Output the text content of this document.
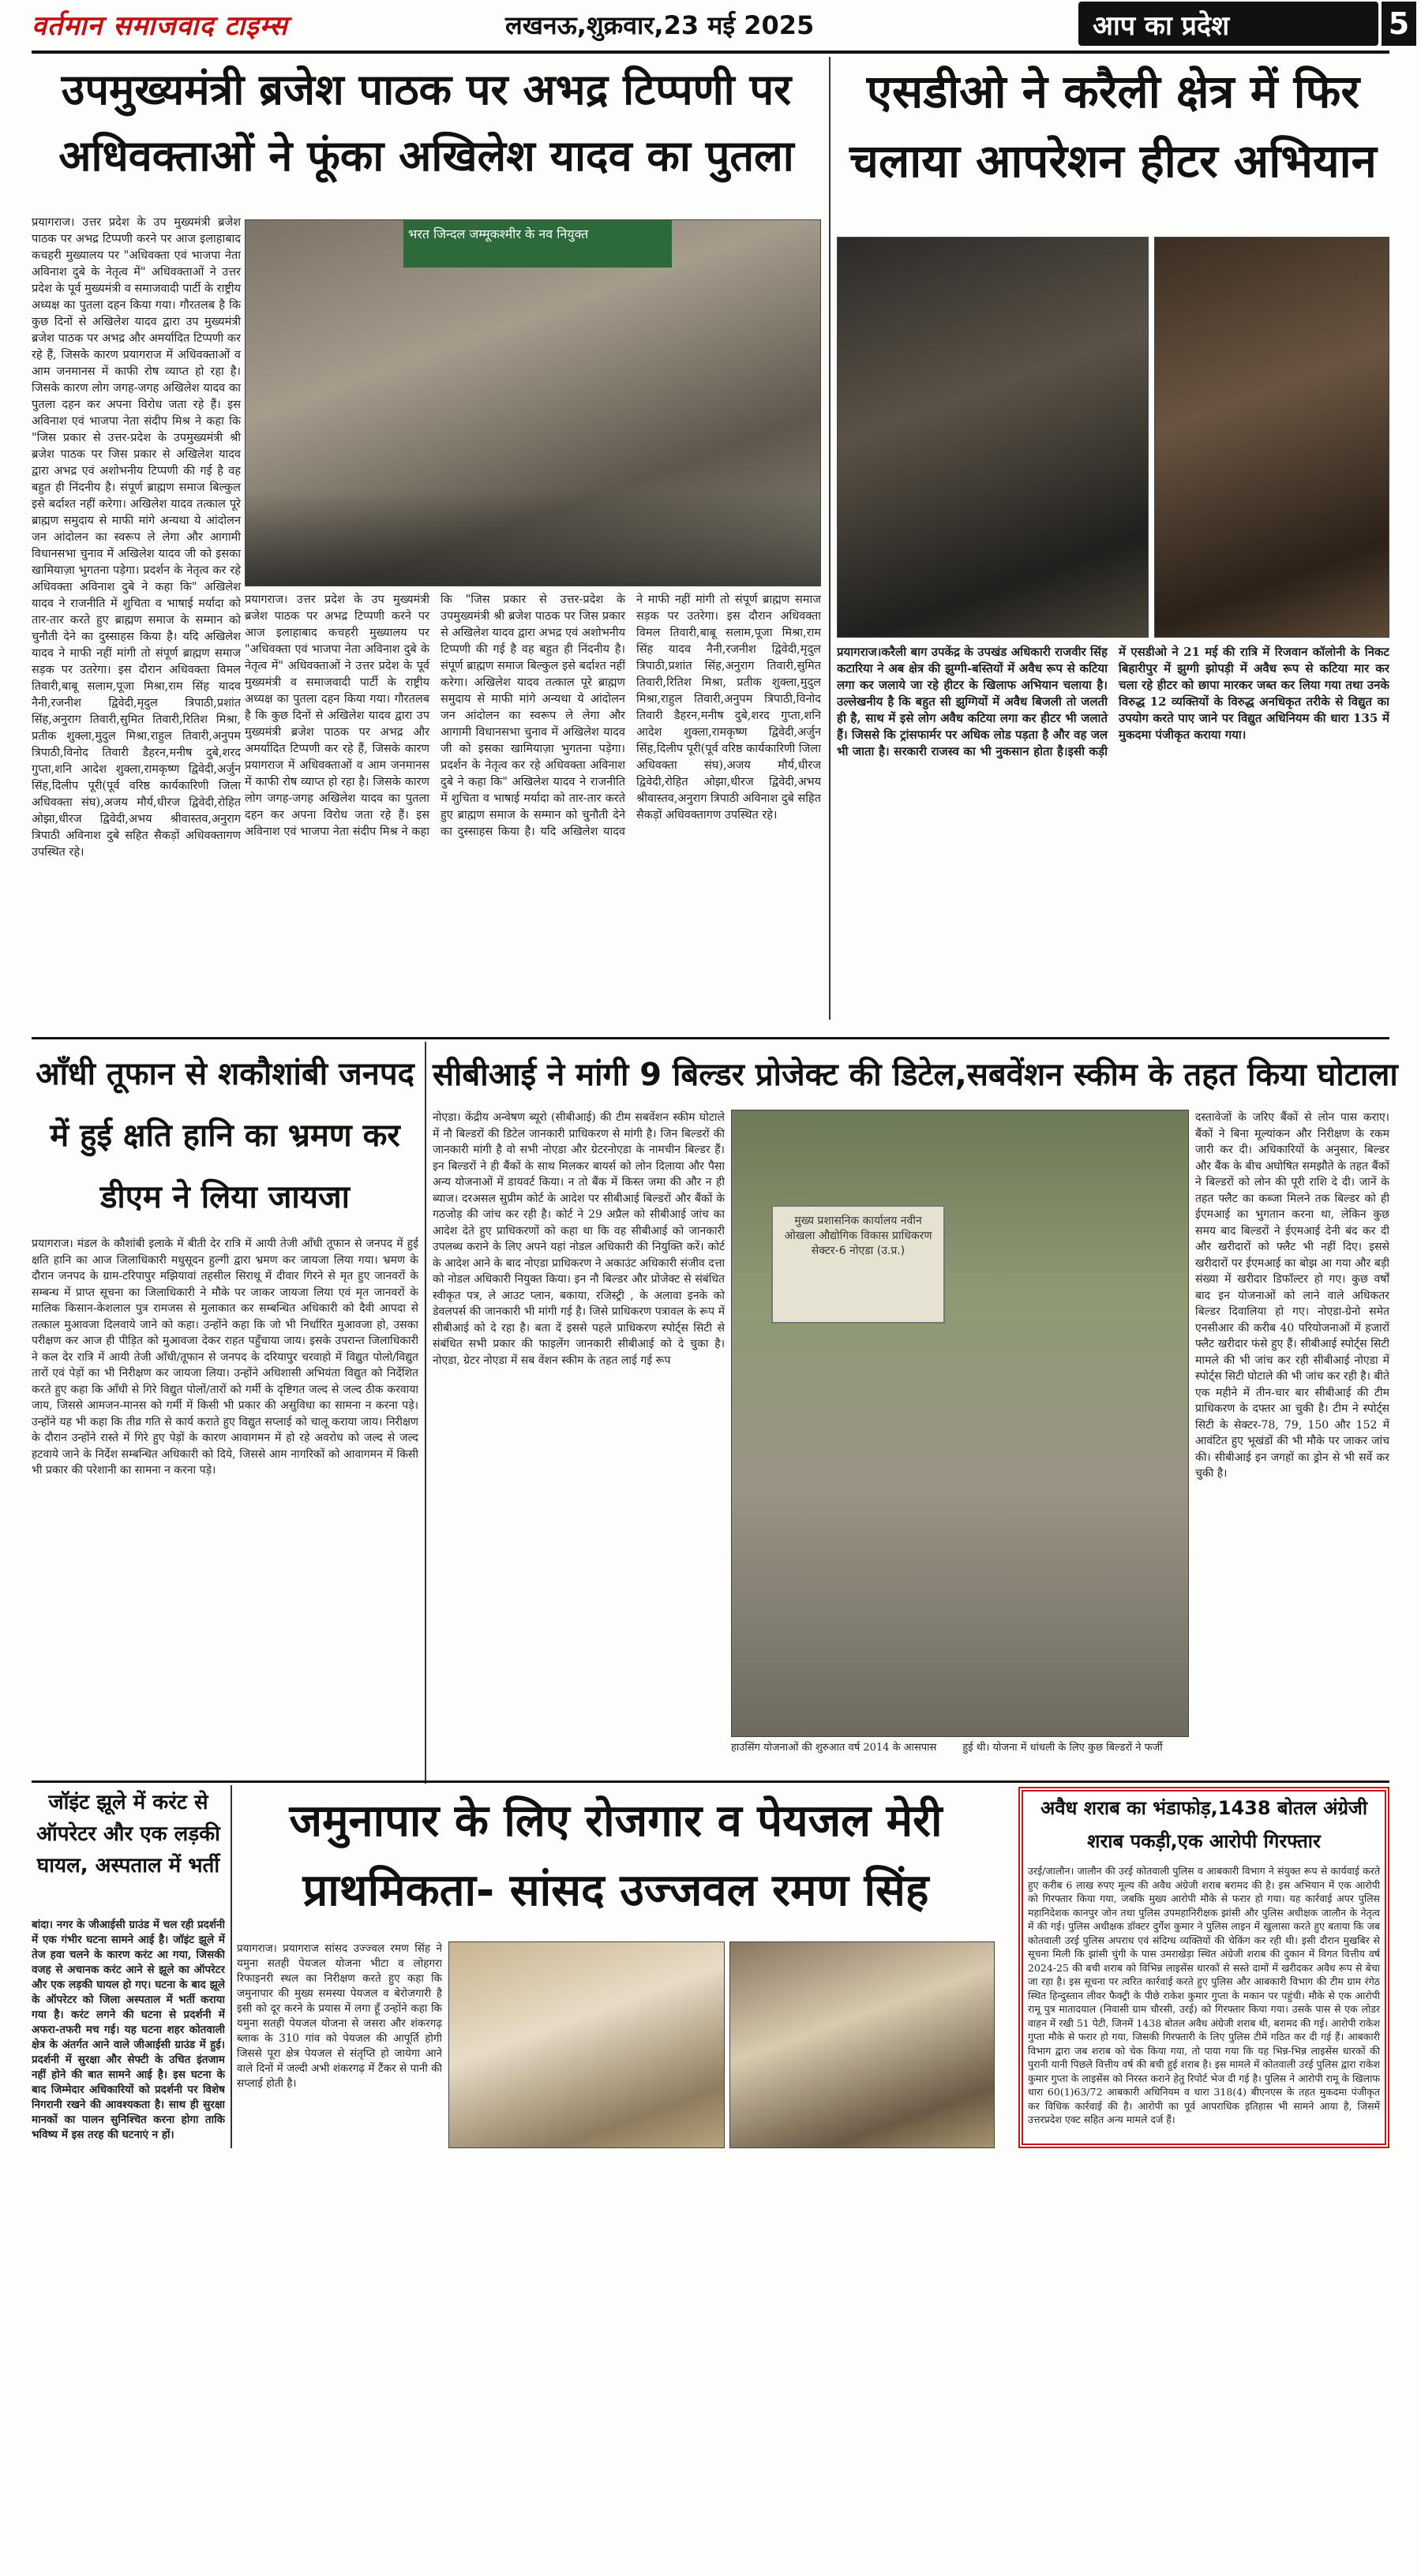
वर्तमान समाजवाद टाइम्स	लखनऊ,शुक्रवार,23 मई 2025	आप का प्रदेश	5
उपमुख्यमंत्री ब्रजेश पाठक पर अभद्र टिप्पणी पर अधिवक्ताओं ने फूंका अखिलेश यादव का पुतला
प्रयागराज। उत्तर प्रदेश के उप मुख्यमंत्री ब्रजेश पाठक पर अभद्र टिप्पणी करने पर आज इलाहाबाद कचहरी मुख्यालय पर "अधिवक्ता एवं भाजपा नेता अविनाश दुबे के नेतृत्व में" अधिवक्ताओं ने उत्तर प्रदेश के पूर्व मुख्यमंत्री व समाजवादी पार्टी के राष्ट्रीय अध्यक्ष का पुतला दहन किया गया। गौरतलब है कि कुछ दिनों से अखिलेश यादव द्वारा उप मुख्यमंत्री ब्रजेश पाठक पर अभद्र और अमर्यादित टिप्पणी कर रहे हैं, जिसके कारण प्रयागराज में अधिवक्ताओं व आम जनमानस में काफी रोष व्याप्त हो रहा है। जिसके कारण लोग जगह-जगह अखिलेश यादव का पुतला दहन कर अपना विरोध जता रहे हैं। इस अविनाश एवं भाजपा नेता संदीप मिश्र ने कहा कि "जिस प्रकार से उत्तर-प्रदेश के उपमुख्यमंत्री श्री ब्रजेश पाठक पर जिस प्रकार से अखिलेश यादव द्वारा अभद्र एवं अशोभनीय टिप्पणी की गई है वह बहुत ही निंदनीय है। संपूर्ण ब्राह्मण समाज बिल्कुल इसे बर्दाश्त नहीं करेगा। अखिलेश यादव तत्काल पूरे ब्राह्मण समुदाय से माफी मांगे अन्यथा ये आंदोलन जन आंदोलन का स्वरूप ले लेगा और आगामी विधानसभा चुनाव में अखिलेश यादव जी को इसका खामियाज़ा भुगतना पड़ेगा। प्रदर्शन के नेतृत्व कर रहे अधिवक्ता अविनाश दुबे ने कहा कि" अखिलेश यादव ने राजनीति में शुचिता व भाषाई मर्यादा को तार-तार करते हुए ब्राह्मण समाज के सम्मान को चुनौती देने का दुस्साहस किया है। यदि अखिलेश यादव ने माफी नहीं मांगी तो संपूर्ण ब्राह्मण समाज सड़क पर उतरेगा। इस दौरान अधिवक्ता विमल तिवारी,बाबू सलाम,पूजा मिश्रा,राम सिंह यादव नैनी,रजनीश द्विवेदी,मृदुल त्रिपाठी,प्रशांत सिंह,अनुराग तिवारी,सुमित तिवारी,रितिश मिश्रा, प्रतीक शुक्ला,मुदुल मिश्रा,राहुल तिवारी,अनुपम त्रिपाठी,विनोद तिवारी डैहरन,मनीष दुबे,शरद गुप्ता,शनि आदेश शुक्ला,रामकृष्ण द्विवेदी,अर्जुन सिंह,दिलीप पूरी(पूर्व वरिष्ठ कार्यकारिणी जिला अधिवक्ता संघ),अजय मौर्य,धीरज द्विवेदी,रोहित ओझा,धीरज द्विवेदी,अभय श्रीवास्तव,अनुराग त्रिपाठी अविनाश दुबे सहित सैकड़ों अधिवक्तागण उपस्थित रहे।
भरत जिन्दल जम्मूकश्मीर के नव नियुक्त
प्रयागराज। उत्तर प्रदेश के उप मुख्यमंत्री ब्रजेश पाठक पर अभद्र टिप्पणी करने पर आज इलाहाबाद कचहरी मुख्यालय पर "अधिवक्ता एवं भाजपा नेता अविनाश दुबे के नेतृत्व में" अधिवक्ताओं ने उत्तर प्रदेश के पूर्व मुख्यमंत्री व समाजवादी पार्टी के राष्ट्रीय अध्यक्ष का पुतला दहन किया गया। गौरतलब है कि कुछ दिनों से अखिलेश यादव द्वारा उप मुख्यमंत्री ब्रजेश पाठक पर अभद्र और अमर्यादित टिप्पणी कर रहे हैं, जिसके कारण प्रयागराज में अधिवक्ताओं व आम जनमानस में काफी रोष व्याप्त हो रहा है। जिसके कारण लोग जगह-जगह अखिलेश यादव का पुतला दहन कर अपना विरोध जता रहे हैं। इस अविनाश एवं भाजपा नेता संदीप मिश्र ने कहा कि "जिस प्रकार से उत्तर-प्रदेश के उपमुख्यमंत्री श्री ब्रजेश पाठक पर जिस प्रकार से अखिलेश यादव द्वारा अभद्र एवं अशोभनीय टिप्पणी की गई है वह बहुत ही निंदनीय है। संपूर्ण ब्राह्मण समाज बिल्कुल इसे बर्दाश्त नहीं करेगा। अखिलेश यादव तत्काल पूरे ब्राह्मण समुदाय से माफी मांगे अन्यथा ये आंदोलन जन आंदोलन का स्वरूप ले लेगा और आगामी विधानसभा चुनाव में अखिलेश यादव जी को इसका खामियाज़ा भुगतना पड़ेगा। प्रदर्शन के नेतृत्व कर रहे अधिवक्ता अविनाश दुबे ने कहा कि" अखिलेश यादव ने राजनीति में शुचिता व भाषाई मर्यादा को तार-तार करते हुए ब्राह्मण समाज के सम्मान को चुनौती देने का दुस्साहस किया है। यदि अखिलेश यादव ने माफी नहीं मांगी तो संपूर्ण ब्राह्मण समाज सड़क पर उतरेगा। इस दौरान अधिवक्ता विमल तिवारी,बाबू सलाम,पूजा मिश्रा,राम सिंह यादव नैनी,रजनीश द्विवेदी,मृदुल त्रिपाठी,प्रशांत सिंह,अनुराग तिवारी,सुमित तिवारी,रितिश मिश्रा, प्रतीक शुक्ला,मुदुल मिश्रा,राहुल तिवारी,अनुपम त्रिपाठी,विनोद तिवारी डैहरन,मनीष दुबे,शरद गुप्ता,शनि आदेश शुक्ला,रामकृष्ण द्विवेदी,अर्जुन सिंह,दिलीप पूरी(पूर्व वरिष्ठ कार्यकारिणी जिला अधिवक्ता संघ),अजय मौर्य,धीरज द्विवेदी,रोहित ओझा,धीरज द्विवेदी,अभय श्रीवास्तव,अनुराग त्रिपाठी अविनाश दुबे सहित सैकड़ों अधिवक्तागण उपस्थित रहे।
एसडीओ ने करैली क्षेत्र में फिर चलाया आपरेशन हीटर अभियान
प्रयागराज।करैली बाग उपकेंद्र के उपखंड अधिकारी राजवीर सिंह कटारिया ने अब क्षेत्र की झुग्गी-बस्तियों में अवैध रूप से कटिया लगा कर जलाये जा रहे हीटर के खिलाफ अभियान चलाया है। उल्लेखनीय है कि बहुत सी झुग्गियों में अवैध बिजली तो जलती ही है, साथ में इसे लोग अवैध कटिया लगा कर हीटर भी जलाते हैं। जिससे कि ट्रांसफार्मर पर अधिक लोड पड़ता है और वह जल भी जाता है। सरकारी राजस्व का भी नुकसान होता है।इसी कड़ी में एसडीओ ने 21 मई की रात्रि में रिजवान कॉलोनी के निकट बिहारीपुर में झुग्गी झोपड़ी में अवैध रूप से कटिया मार कर चला रहे हीटर को छापा मारकर जब्त कर लिया गया तथा उनके विरुद्ध 12 व्यक्तियों के विरुद्ध अनधिकृत तरीके से विद्युत का उपयोग करते पाए जाने पर विद्युत अधिनियम की धारा 135 में मुकदमा पंजीकृत कराया गया।
आँधी तूफान से शकौशांबी जनपद में हुई क्षति हानि का भ्रमण कर डीएम ने लिया जायजा
प्रयागराज। मंडल के कौशांबी इलाके में बीती देर रात्रि में आयी तेजी आँधी तूफान से जनपद में हुई क्षति हानि का आज जिलाधिकारी मधुसूदन हुल्गी द्वारा भ्रमण कर जायजा लिया गया। भ्रमण के दौरान जनपद के ग्राम-टरिपापुर मझियावां तहसील सिराथू में दीवार गिरने से मृत हुए जानवरों के सम्बन्ध में प्राप्त सूचना का जिलाधिकारी ने मौके पर जाकर जायजा लिया एवं मृत जानवरों के मालिक किसान-केशलाल पुत्र रामजस से मुलाकात कर सम्बन्धित अधिकारी को दैवी आपदा से तत्काल मुआवजा दिलवाये जाने को कहा। उन्होंने कहा कि जो भी निर्धारित मुआवजा हो, उसका परीक्षण कर आज ही पीड़ित को मुआवजा देकर राहत पहुँचाया जाय। इसके उपरान्त जिलाधिकारी ने कल देर रात्रि में आयी तेजी आँधी/तूफान से जनपद के दरियापुर चरवाहो में विद्युत पोलो/विद्युत तारों एवं पेड़ों का भी निरीक्षण कर जायजा लिया। उन्होंने अधिशासी अभियंता विद्युत को निर्देशित करते हुए कहा कि आँधी से गिरे विद्युत पोलों/तारों को गर्मी के दृष्टिगत जल्द से जल्द ठीक करवाया जाय, जिससे आमजन-मानस को गर्मी में किसी भी प्रकार की असुविधा का सामना न करना पड़े। उन्होंने यह भी कहा कि तीव्र गति से कार्य कराते हुए विद्युत सप्लाई को चालू कराया जाय। निरीक्षण के दौरान उन्होंने रास्ते में गिरे हुए पेड़ों के कारण आवागमन में हो रहे अवरोध को जल्द से जल्द हटवाये जाने के निर्देश सम्बन्धित अधिकारी को दिये, जिससे आम नागरिकों को आवागमन में किसी भी प्रकार की परेशानी का सामना न करना पड़े।
सीबीआई ने मांगी 9 बिल्डर प्रोजेक्ट की डिटेल,सबवेंशन स्कीम के तहत किया घोटाला
नोएडा। केंद्रीय अन्वेषण ब्यूरो (सीबीआई) की टीम सबवेंशन स्कीम घोटाले में नौ बिल्डरों की डिटेल जानकारी प्राधिकरण से मांगी है। जिन बिल्डरों की जानकारी मांगी है वो सभी नोएडा और ग्रेटरनोएडा के नामचीन बिल्डर हैं। इन बिल्डरों ने ही बैंकों के साथ मिलकर बायर्स को लोन दिलाया और पैसा अन्य योजनाओं में डायवर्ट किया। न तो बैंक में किस्त जमा की और न ही ब्याज। दरअसल सुप्रीम कोर्ट के आदेश पर सीबीआई बिल्डरों और बैंकों के गठजोड़ की जांच कर रही है। कोर्ट ने 29 अप्रैल को सीबीआई जांच का आदेश देते हुए प्राधिकरणों को कहा था कि वह सीबीआई को जानकारी उपलब्ध कराने के लिए अपने यहां नोडल अधिकारी की नियुक्ति करें। कोर्ट के आदेश आने के बाद नोएडा प्राधिकरण ने अकाउंट अधिकारी संजीव दत्ता को नोडल अधिकारी नियुक्त किया। इन नौ बिल्डर और प्रोजेक्ट से संबंधित स्वीकृत पत्र, ले आउट प्लान, बकाया, रजिस्ट्री , के अलावा इनके को डेवलपर्स की जानकारी भी मांगी गई है। जिसे प्राधिकरण पत्रावल के रूप में सीबीआई को दे रहा है। बता दें इससे पहले प्राधिकरण स्पोर्ट्स सिटी से संबंधित सभी प्रकार की फाइलेंग जानकारी सीबीआई को दे चुका है। नोएडा, ग्रेटर नोएडा में सब वेंशन स्कीम के तहत लाई गई रूप
मुख्य प्रशासनिक कार्यालय नवीन ओखला औद्योगिक विकास प्राधिकरण सेक्टर-6 नोएडा (उ.प्र.)
हाउसिंग योजनाओं की शुरुआत वर्ष 2014 के आसपास        हुई थी। योजना में धांधली के लिए कुछ बिल्डरों ने फर्जी
दस्तावेजों के जरिए बैंकों से लोन पास कराए। बैंकों ने बिना मूल्यांकन और निरीक्षण के रकम जारी कर दी। अधिकारियों के अनुसार, बिल्डर और बैंक के बीच अघोषित समझौते के तहत बैंकों ने बिल्डरों को लोन की पूरी राशि दे दी। जानें के तहत फ्लैट का कब्जा मिलने तक बिल्डर को ही ईएमआई का भुगतान करना था, लेकिन कुछ समय बाद बिल्डरों ने ईएमआई देनी बंद कर दी और खरीदारों को फ्लैट भी नहीं दिए। इससे खरीदारों पर ईएमआई का बोझ आ गया और बड़ी संख्या में खरीदार डिफॉल्टर हो गए। कुछ वर्षों बाद इन योजनाओं को लाने वाले अधिकतर बिल्डर दिवालिया हो गए। नोएडा-ग्रेनो समेत एनसीआर की करीब 40 परियोजनाओं में हजारों फ्लैट खरीदार फंसे हुए हैं। सीबीआई स्पोर्ट्स सिटी मामले की भी जांच कर रही सीबीआई नोएडा में स्पोर्ट्स सिटी घोटाले की भी जांच कर रही है। बीते एक महीने में तीन-चार बार सीबीआई की टीम प्राधिकरण के दफ्तर आ चुकी है। टीम ने स्पोर्ट्स सिटी के सेक्टर-78, 79, 150 और 152 में आवंटित हुए भूखंडों की भी मौके पर जाकर जांच की। सीबीआई इन जगहों का ड्रोन से भी सर्वे कर चुकी है।
जॉइंट झूले में करंट से ऑपरेटर और एक लड़की घायल, अस्पताल में भर्ती
बांदा। नगर के जीआईसी ग्राउंड में चल रही प्रदर्शनी में एक गंभीर घटना सामने आई है। जॉइंट झूले में तेज हवा चलने के कारण करंट आ गया, जिसकी वजह से अचानक करंट आने से झूले का ऑपरेटर और एक लड़की घायल हो गए। घटना के बाद झूले के ऑपरेटर को जिला अस्पताल में भर्ती कराया गया है। करंट लगने की घटना से प्रदर्शनी में अफरा-तफरी मच गई। यह घटना शहर कोतवाली क्षेत्र के अंतर्गत आने वाले जीआईसी ग्राउंड में हुई। प्रदर्शनी में सुरक्षा और सेफ्टी के उचित इंतजाम नहीं होने की बात सामने आई है। इस घटना के बाद जिम्मेदार अधिकारियों को प्रदर्शनी पर विशेष निगरानी रखने की आवश्यकता है। साथ ही सुरक्षा मानकों का पालन सुनिश्चित करना होगा ताकि भविष्य में इस तरह की घटनाएं न हों।
जमुनापार के लिए रोजगार व पेयजल मेरी प्राथमिकता- सांसद उज्जवल रमण सिंह
प्रयागराज। प्रयागराज सांसद उज्ज्वल रमण सिंह ने यमुना सतही पेयजल योजना भीटा व लोहगरा रिफाइनरी स्थल का निरीक्षण करते हुए कहा कि जमुनापार की मुख्य समस्या पेयजल व बेरोजगारी है इसी को दूर करने के प्रयास में लगा हूँ उन्होंने कहा कि यमुना सतही पेयजल योजना से जसरा और शंकरगढ़ ब्लाक के 310 गांव को पेयजल की आपूर्ति होगी जिससे पूरा क्षेत्र पेयजल से संतृप्ति हो जायेगा आने वाले दिनों में जल्दी अभी शंकरगढ़ में टैंकर से पानी की सप्लाई होती है।
अवैध शराब का भंडाफोड़,1438 बोतल अंग्रेजी शराब पकड़ी,एक आरोपी गिरफ्तार
उरई/जालौन। जालौन की उरई कोतवाली पुलिस व आबकारी विभाग ने संयुक्त रूप से कार्यवाई करते हुए करीब 6 लाख रुपए मूल्य की अवैध अंग्रेजी शराब बरामद की है। इस अभियान में एक आरोपी को गिरफ्तार किया गया, जबकि मुख्य आरोपी मौके से फरार हो गया। यह कार्रवाई अपर पुलिस महानिदेशक कानपुर जोन तथा पुलिस उपमहानिरीक्षक झांसी और पुलिस अधीक्षक जालौन के नेतृत्व में की गई। पुलिस अधीक्षक डॉक्टर दुर्गेश कुमार ने पुलिस लाइन में खुलासा करते हुए बताया कि जब कोतवाली उरई पुलिस अपराध एवं संदिग्ध व्यक्तियों की चेकिंग कर रही थी। इसी दौरान मुखबिर से सूचना मिली कि झांसी चुंगी के पास उमराखेड़ा स्थित अंग्रेजी शराब की दुकान में विगत वित्तीय वर्ष 2024-25 की बची शराब को विभिन्न लाइसेंस धारकों से सस्ते दामों में खरीदकर अवैध रूप से बेचा जा रहा है। इस सूचना पर त्वरित कार्रवाई करते हुए पुलिस और आबकारी विभाग की टीम ग्राम रंगेठ स्थित हिन्दुस्तान लीवर फैक्ट्री के पीछे राकेश कुमार गुप्ता के मकान पर पहुंची। मौके से एक आरोपी रामू पुत्र मातादयाल (निवासी ग्राम चौरसी, उरई) को गिरफ्तार किया गया। उसके पास से एक लोडर वाहन में रखी 51 पेटी, जिनमें 1438 बोतल अवैध अंग्रेजी शराब थी, बरामद की गई। आरोपी राकेश गुप्ता मौके से फरार हो गया, जिसकी गिरफ्तारी के लिए पुलिस टीमें गठित कर दी गई हैं। आबकारी विभाग द्वारा जब शराब को चेक किया गया, तो पाया गया कि यह भिन्न-भिन्न लाइसेंस धारकों की पुरानी यानी पिछले वित्तीय वर्ष की बची हुई शराब है। इस मामले में कोतवाली उरई पुलिस द्वारा राकेश कुमार गुप्ता के लाइसेंस को निरस्त कराने हेतु रिपोर्ट भेज दी गई है। पुलिस ने आरोपी रामू के खिलाफ धारा 60(1)63/72 आबकारी अधिनियम व धारा 318(4) बीएनएस के तहत मुकदमा पंजीकृत कर विधिक कार्रवाई की है। आरोपी का पूर्व आपराधिक इतिहास भी सामने आया है, जिसमें उत्तरप्रदेश एक्ट सहित अन्य मामले दर्ज हैं।
